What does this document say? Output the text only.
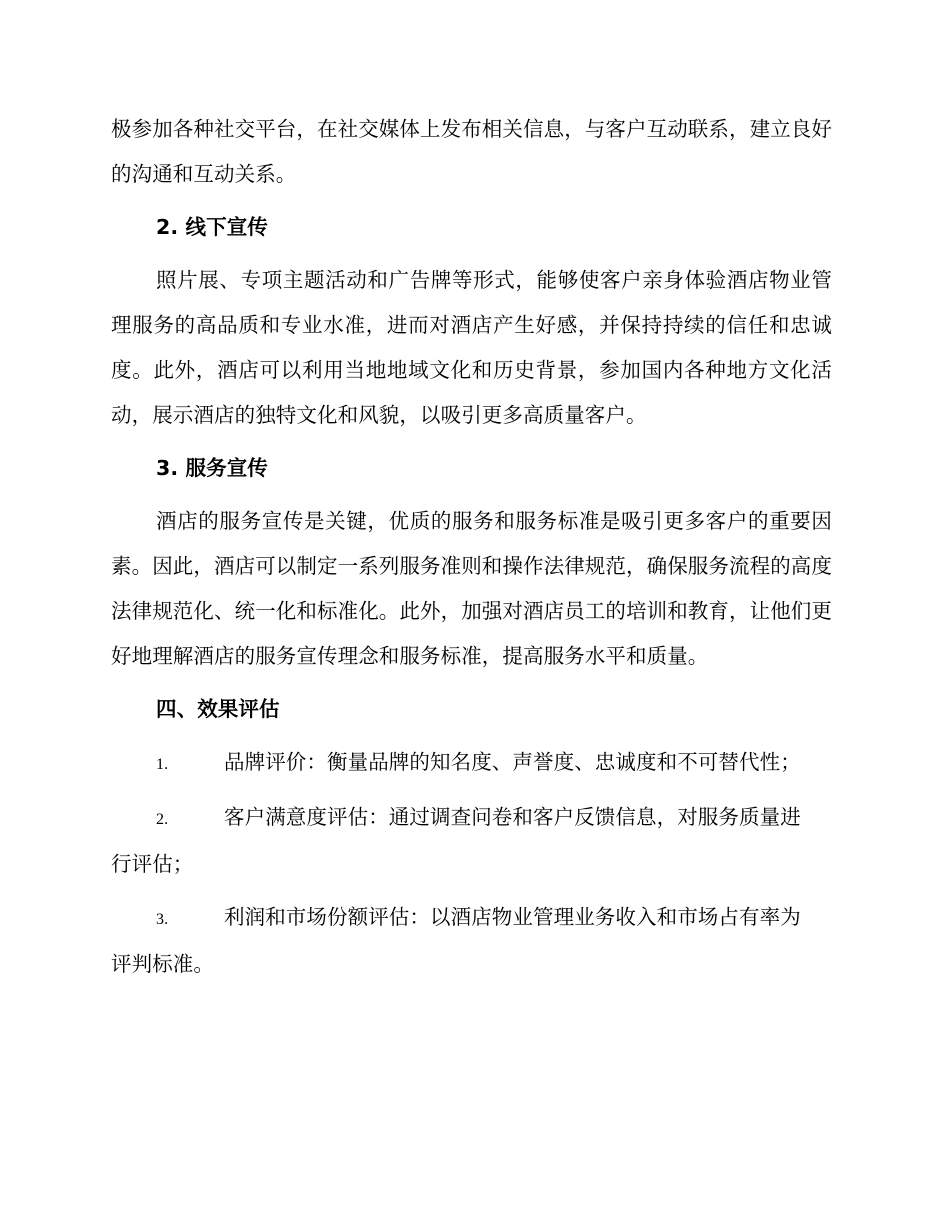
极参加各种社交平台，在社交媒体上发布相关信息，与客户互动联系，建立良好的沟通和互动关系。

2. 线下宣传

照片展、专项主题活动和广告牌等形式，能够使客户亲身体验酒店物业管理服务的高品质和专业水准，进而对酒店产生好感，并保持持续的信任和忠诚度。此外，酒店可以利用当地地域文化和历史背景，参加国内各种地方文化活动，展示酒店的独特文化和风貌，以吸引更多高质量客户。

3. 服务宣传

酒店的服务宣传是关键，优质的服务和服务标准是吸引更多客户的重要因素。因此，酒店可以制定一系列服务准则和操作法律规范，确保服务流程的高度法律规范化、统一化和标准化。此外，加强对酒店员工的培训和教育，让他们更好地理解酒店的服务宣传理念和服务标准，提高服务水平和质量。

四、效果评估

1.	品牌评价：衡量品牌的知名度、声誉度、忠诚度和不可替代性；
2.	客户满意度评估：通过调查问卷和客户反馈信息，对服务质量进
行评估；
3.	利润和市场份额评估：以酒店物业管理业务收入和市场占有率为
评判标准。
